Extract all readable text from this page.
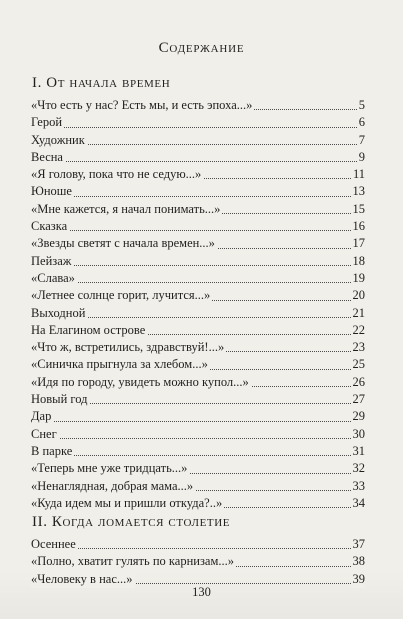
Содержание
I. От начала времен
«Что есть у нас? Есть мы, и есть эпоха...»	5
Герой	6
Художник	7
Весна	9
«Я голову, пока что не седую...»	11
Юноше	13
«Мне кажется, я начал понимать...»	15
Сказка	16
«Звезды светят с начала времен...»	17
Пейзаж	18
«Слава»	19
«Летнее солнце горит, лучится...»	20
Выходной	21
На Елагином острове	22
«Что ж, встретились, здравствуй!...»	23
«Синичка прыгнула за хлебом...»	25
«Идя по городу, увидеть можно купол...»	26
Новый год	27
Дар	29
Снег	30
В парке	31
«Теперь мне уже тридцать...»	32
«Ненаглядная, добрая мама...»	33
«Куда идем мы и пришли откуда?..»	34
II. Когда ломается столетие
Осеннее	37
«Полно, хватит гулять по карнизам...»	38
«Человеку в нас...»	39
130
